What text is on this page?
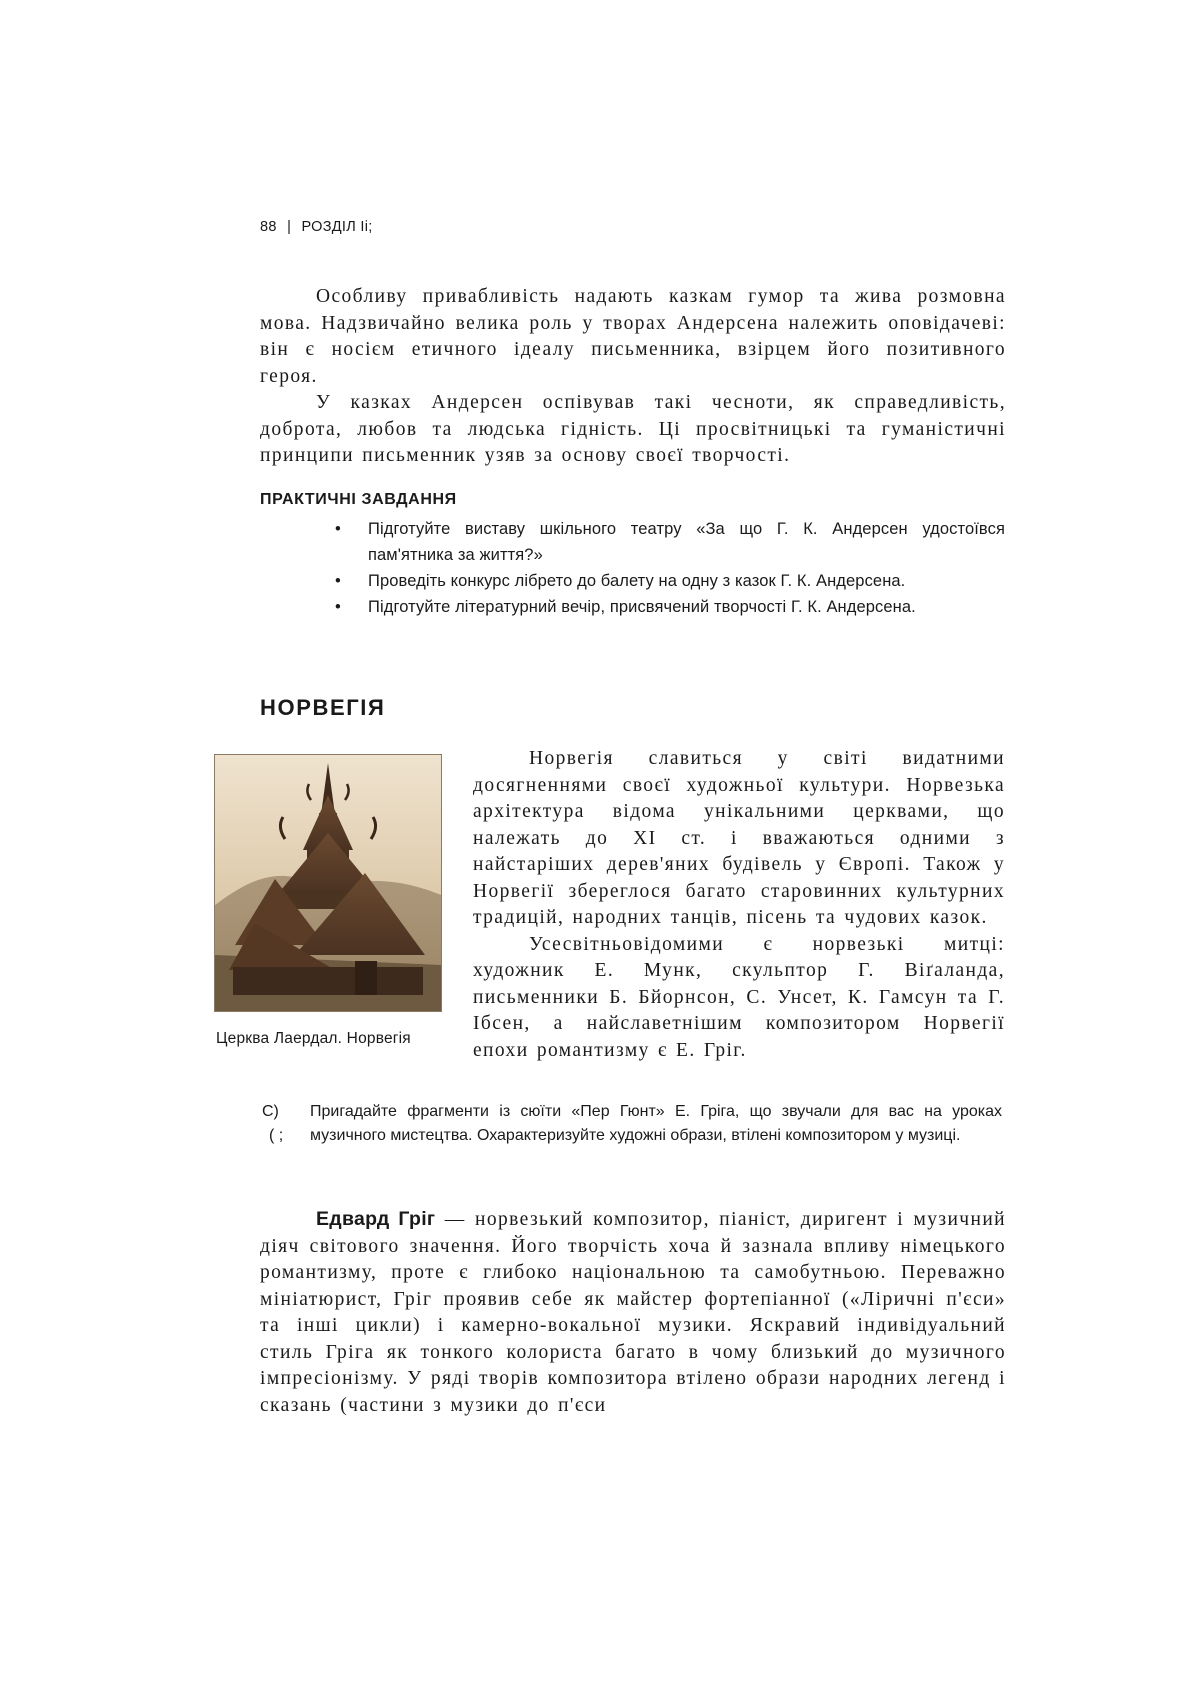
88 | РОЗДІЛ Іі;

Особливу привабливість надають казкам гумор та жива розмовна мова. Надзвичайно велика роль у творах Андерсена належить оповідачеві: він є носієм етичного ідеалу письменника, взірцем його позитивного героя.

У казках Андерсен оспівував такі чесноти, як справедливість, доброта, любов та людська гідність. Ці просвітницькі та гуманістичні принципи письменник узяв за основу своєї творчості.

ПРАКТИЧНІ ЗАВДАННЯ
• Підготуйте виставу шкільного театру «За що Г. К. Андерсен удостоївся пам'ятника за життя?»
• Проведіть конкурс лібрето до балету на одну з казок Г. К. Андерсена.
• Підготуйте літературний вечір, присвячений творчості Г. К. Андерсена.
НОРВЕГІЯ
Церква Лаердал. Норвегія

Норвегія славиться у світі видатними досягненнями своєї художньої культури. Норвезька архітектура відома унікальними церквами, що належать до XI ст. і вважаються одними з найстаріших дерев'яних будівель у Європі. Також у Норвегії збереглося багато старовинних культурних традицій, народних танців, пісень та чудових казок.

Усесвітньовідомими є норвезькі митці: художник Е. Мунк, скульптор Г. Віґаланда, письменники Б. Бйорнсон, С. Унсет, К. Гамсун та Г. Ібсен, а найславетнішим композитором Норвегії епохи романтизму є Е. Гріг.

С)
( ;
Пригадайте фрагменти із сюїти «Пер Гюнт» Е. Гріга, що звучали для вас на уроках музичного мистецтва. Охарактеризуйте художні образи, втілені композитором у музиці.

Едвард Гріг — норвезький композитор, піаніст, диригент і музичний діяч світового значення. Його творчість хоча й зазнала впливу німецького романтизму, проте є глибоко національною та самобутньою. Переважно мініатюрист, Гріг проявив себе як майстер фортепіанної («Ліричні п'єси» та інші цикли) і камерно-вокальної музики. Яскравий індивідуальний стиль Гріга як тонкого колориста багато в чому близький до музичного імпресіонізму. У ряді творів композитора втілено образи народних легенд і сказань (частини з музики до п'єси
